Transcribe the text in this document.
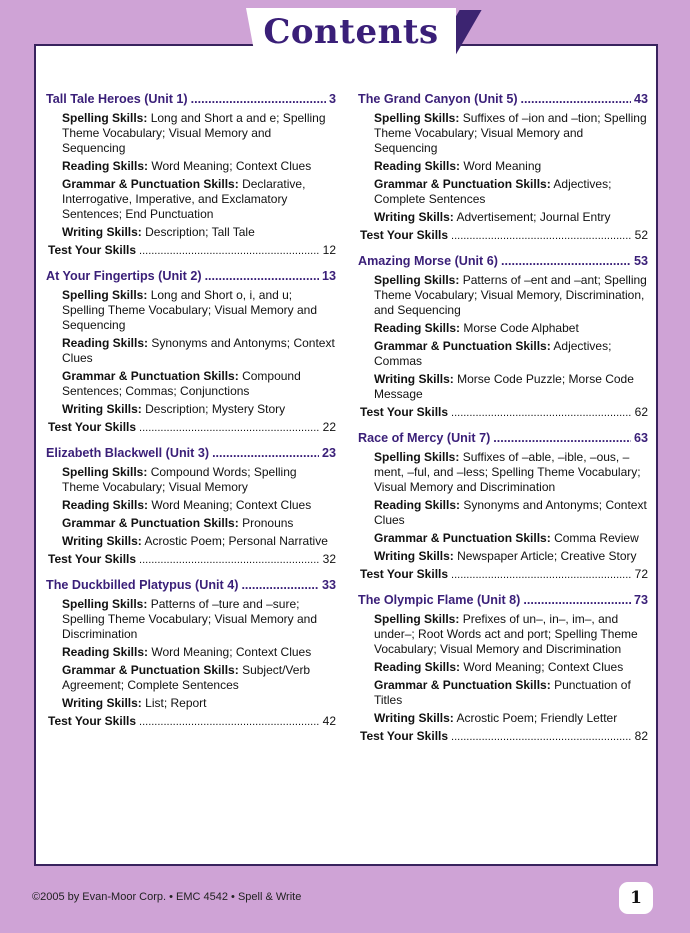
Contents
Tall Tale Heroes (Unit 1) .....	3
Spelling Skills: Long and Short a and e; Spelling Theme Vocabulary; Visual Memory and Sequencing
Reading Skills: Word Meaning; Context Clues
Grammar & Punctuation Skills: Declarative, Interrogative, Imperative, and Exclamatory Sentences; End Punctuation
Writing Skills: Description; Tall Tale
Test Your Skills .....	12
At Your Fingertips (Unit 2) .....	13
Spelling Skills: Long and Short o, i, and u; Spelling Theme Vocabulary; Visual Memory and Sequencing
Reading Skills: Synonyms and Antonyms; Context Clues
Grammar & Punctuation Skills: Compound Sentences; Commas; Conjunctions
Writing Skills: Description; Mystery Story
Test Your Skills .....	22
Elizabeth Blackwell (Unit 3) .....	23
Spelling Skills: Compound Words; Spelling Theme Vocabulary; Visual Memory
Reading Skills: Word Meaning; Context Clues
Grammar & Punctuation Skills: Pronouns
Writing Skills: Acrostic Poem; Personal Narrative
Test Your Skills .....	32
The Duckbilled Platypus (Unit 4) .....	33
Spelling Skills: Patterns of –ture and –sure; Spelling Theme Vocabulary; Visual Memory and Discrimination
Reading Skills: Word Meaning; Context Clues
Grammar & Punctuation Skills: Subject/Verb Agreement; Complete Sentences
Writing Skills: List; Report
Test Your Skills .....	42
The Grand Canyon (Unit 5) .....	43
Spelling Skills: Suffixes of –ion and –tion; Spelling Theme Vocabulary; Visual Memory and Sequencing
Reading Skills: Word Meaning
Grammar & Punctuation Skills: Adjectives; Complete Sentences
Writing Skills: Advertisement; Journal Entry
Test Your Skills .....	52
Amazing Morse (Unit 6) .....	53
Spelling Skills: Patterns of –ent and –ant; Spelling Theme Vocabulary; Visual Memory, Discrimination, and Sequencing
Reading Skills: Morse Code Alphabet
Grammar & Punctuation Skills: Adjectives; Commas
Writing Skills: Morse Code Puzzle; Morse Code Message
Test Your Skills .....	62
Race of Mercy (Unit 7) .....	63
Spelling Skills: Suffixes of –able, –ible, –ous, –ment, –ful, and –less; Spelling Theme Vocabulary; Visual Memory and Discrimination
Reading Skills: Synonyms and Antonyms; Context Clues
Grammar & Punctuation Skills: Comma Review
Writing Skills: Newspaper Article; Creative Story
Test Your Skills .....	72
The Olympic Flame (Unit 8) .....	73
Spelling Skills: Prefixes of un–, in–, im–, and under–; Root Words act and port; Spelling Theme Vocabulary; Visual Memory and Discrimination
Reading Skills: Word Meaning; Context Clues
Grammar & Punctuation Skills: Punctuation of Titles
Writing Skills: Acrostic Poem; Friendly Letter
Test Your Skills .....	82
©2005 by Evan-Moor Corp. • EMC 4542 • Spell & Write	1
